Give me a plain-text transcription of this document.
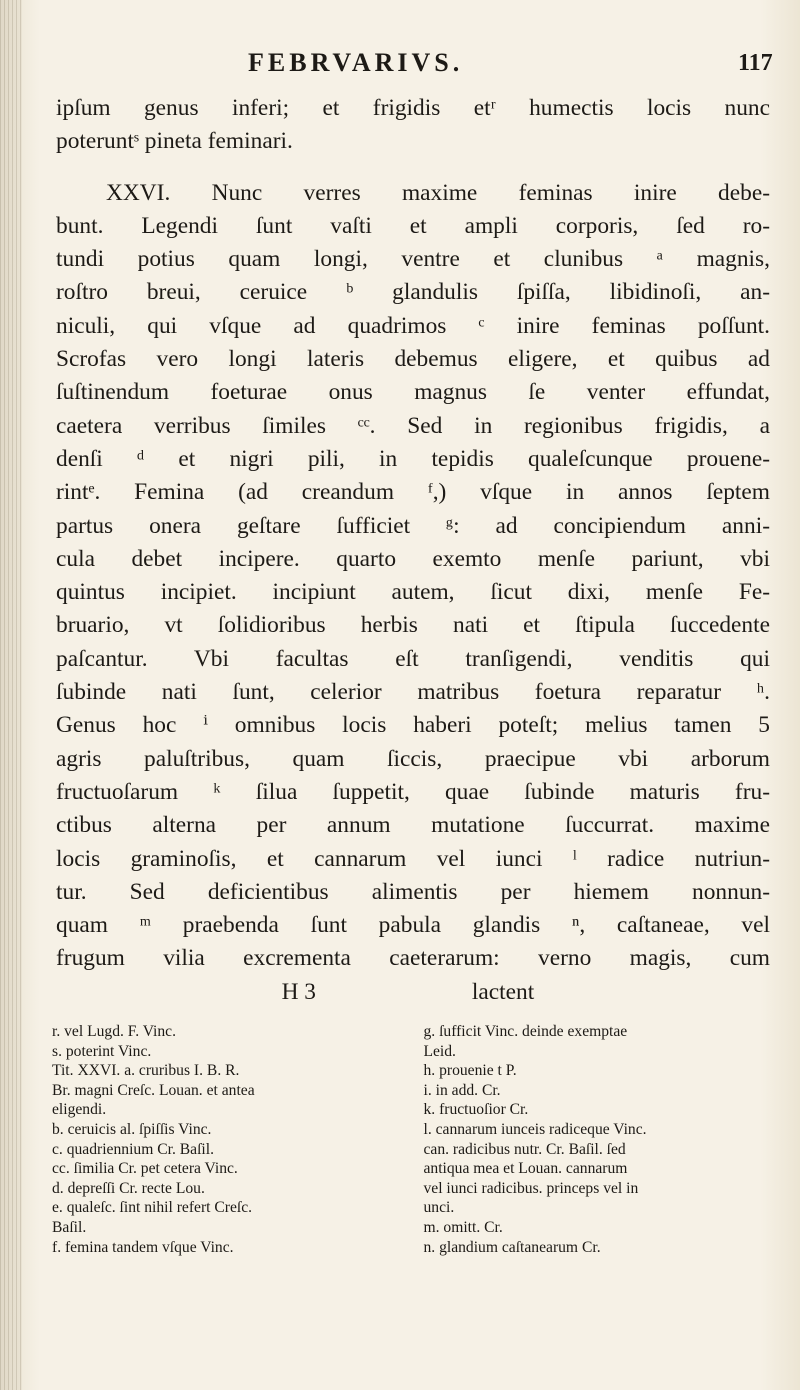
FEBRVARIVS.	117
ipſum genus inferi; et frigidis etʳ humectis locis nunc
poteruntˢ pineta feminari.
XXVI. Nunc verres maxime feminas inire debe-
bunt. Legendi ſunt vaſti et ampli corporis, ſed ro-
tundi potius quam longi, ventre et clunibus ᵃ magnis,
roſtro breui, ceruice ᵇ glandulis ſpiſſa, libidinoſi, an-
niculi, qui vſque ad quadrimos ᶜ inire feminas poſſunt.
Scrofas vero longi lateris debemus eligere, et quibus ad
ſuſtinendum foeturae onus magnus ſe venter effundat,
caetera verribus ſimiles ᶜᶜ. Sed in regionibus frigidis, a
denſi ᵈ et nigri pili, in tepidis qualeſcunque prouene-
rintᵉ. Femina (ad creandum ᶠ,) vſque in annos ſeptem
partus onera geſtare ſufficiet ᵍ: ad concipiendum anni-
cula debet incipere. quarto exemto menſe pariunt, vbi
quintus incipiet. incipiunt autem, ſicut dixi, menſe Fe-
bruario, vt ſolidioribus herbis nati et ſtipula ſuccedente
paſcantur. Vbi facultas eſt tranſigendi, venditis qui
ſubinde nati ſunt, celerior matribus foetura reparatur ʰ.
Genus hoc ⁱ omnibus locis haberi poteſt; melius tamen 5
agris paluſtribus, quam ſiccis, praecipue vbi arborum
fructuoſarum ᵏ ſilua ſuppetit, quae ſubinde maturis fru-
ctibus alterna per annum mutatione ſuccurrat. maxime
locis graminoſis, et cannarum vel iunci ˡ radice nutriun-
tur. Sed deficientibus alimentis per hiemem nonnun-
quam ᵐ praebenda ſunt pabula glandis ⁿ, caſtaneae, vel
frugum vilia excrementa caeterarum: verno magis, cum
H 3	lactent
r. vel Lugd. F. Vinc.
s. poterint Vinc.
Tit. XXVI. a. cruribus I. B. R.
Br. magni Creſc. Louan. et antea
eligendi.
b. ceruicis al. ſpiſſis Vinc.
c. quadriennium Cr. Baſil.
cc. ſimilia Cr. pet cetera Vinc.
d. depreſſi Cr. recte Lou.
e. qualeſc. ſint nihil refert Creſc.
Baſil.
f. femina tandem vſque Vinc.
g. ſufficit Vinc. deinde exemptae
Leid.
h. prouenie t P.
i. in add. Cr.
k. fructuoſior Cr.
l. cannarum iunceis radiceque Vinc.
can. radicibus nutr. Cr. Baſil. ſed
antiqua mea et Louan. cannarum
vel iunci radicibus. princeps vel in
unci.
m. omitt. Cr.
n. glandium caſtanearum Cr.
